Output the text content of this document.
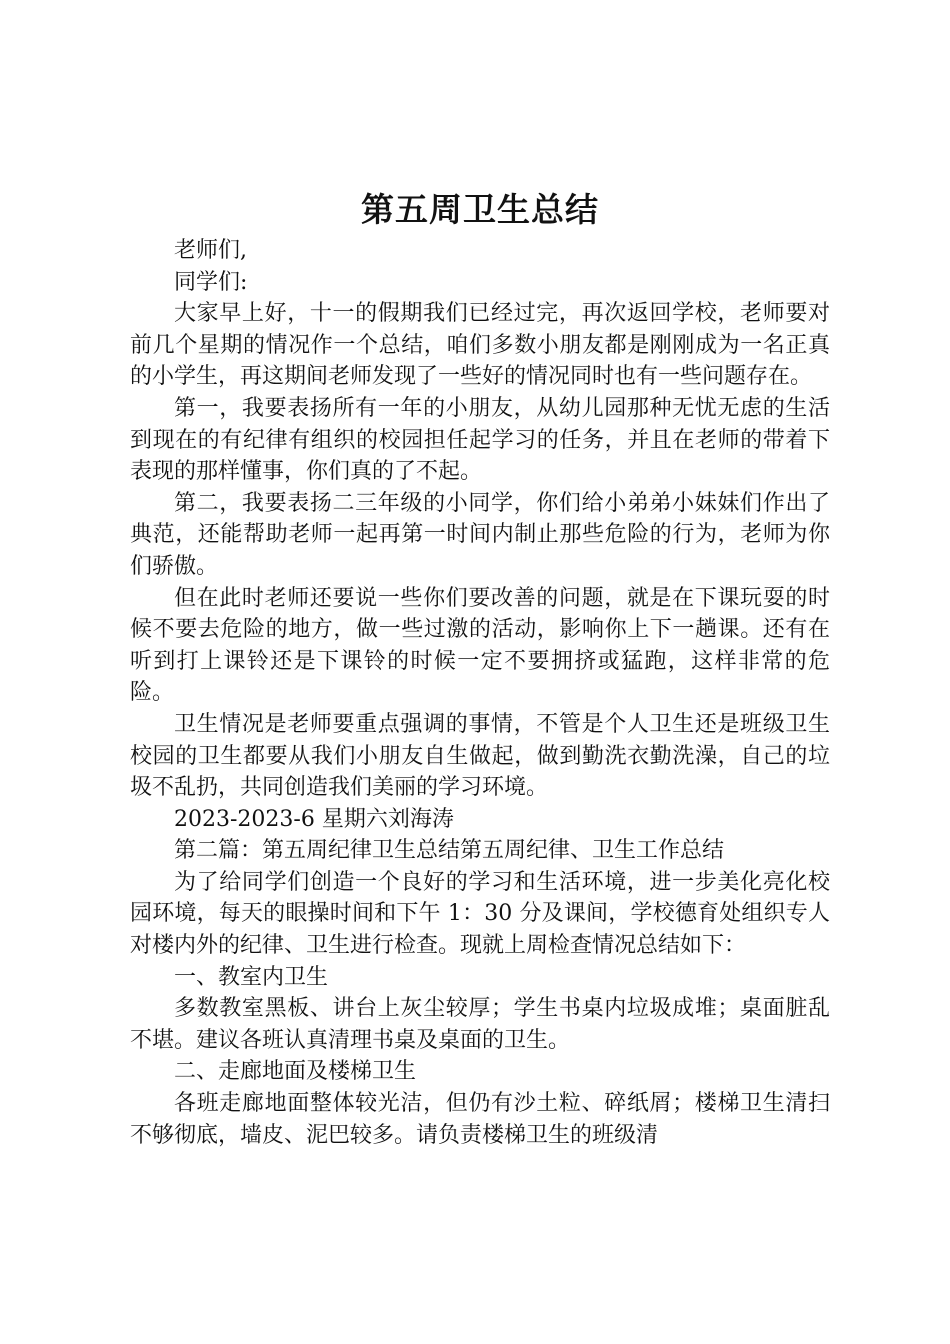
第五周卫生总结

老师们,

同学们:

大家早上好，十一的假期我们已经过完，再次返回学校，老师要对前几个星期的情况作一个总结，咱们多数小朋友都是刚刚成为一名正真的小学生，再这期间老师发现了一些好的情况同时也有一些问题存在。

第一，我要表扬所有一年的小朋友，从幼儿园那种无忧无虑的生活到现在的有纪律有组织的校园担任起学习的任务，并且在老师的带着下表现的那样懂事，你们真的了不起。

第二，我要表扬二三年级的小同学，你们给小弟弟小妹妹们作出了典范，还能帮助老师一起再第一时间内制止那些危险的行为，老师为你们骄傲。

但在此时老师还要说一些你们要改善的问题，就是在下课玩耍的时候不要去危险的地方，做一些过激的活动，影响你上下一趟课。还有在听到打上课铃还是下课铃的时候一定不要拥挤或猛跑，这样非常的危险。

卫生情况是老师要重点强调的事情，不管是个人卫生还是班级卫生校园的卫生都要从我们小朋友自生做起，做到勤洗衣勤洗澡，自己的垃圾不乱扔，共同创造我们美丽的学习环境。

2023-2023-6 星期六刘海涛

第二篇：第五周纪律卫生总结第五周纪律、卫生工作总结

为了给同学们创造一个良好的学习和生活环境，进一步美化亮化校园环境，每天的眼操时间和下午 1：30 分及课间，学校德育处组织专人对楼内外的纪律、卫生进行检查。现就上周检查情况总结如下：

一、教室内卫生

多数教室黑板、讲台上灰尘较厚；学生书桌内垃圾成堆；桌面脏乱不堪。建议各班认真清理书桌及桌面的卫生。

二、走廊地面及楼梯卫生

各班走廊地面整体较光洁，但仍有沙土粒、碎纸屑；楼梯卫生清扫不够彻底，墙皮、泥巴较多。请负责楼梯卫生的班级清
